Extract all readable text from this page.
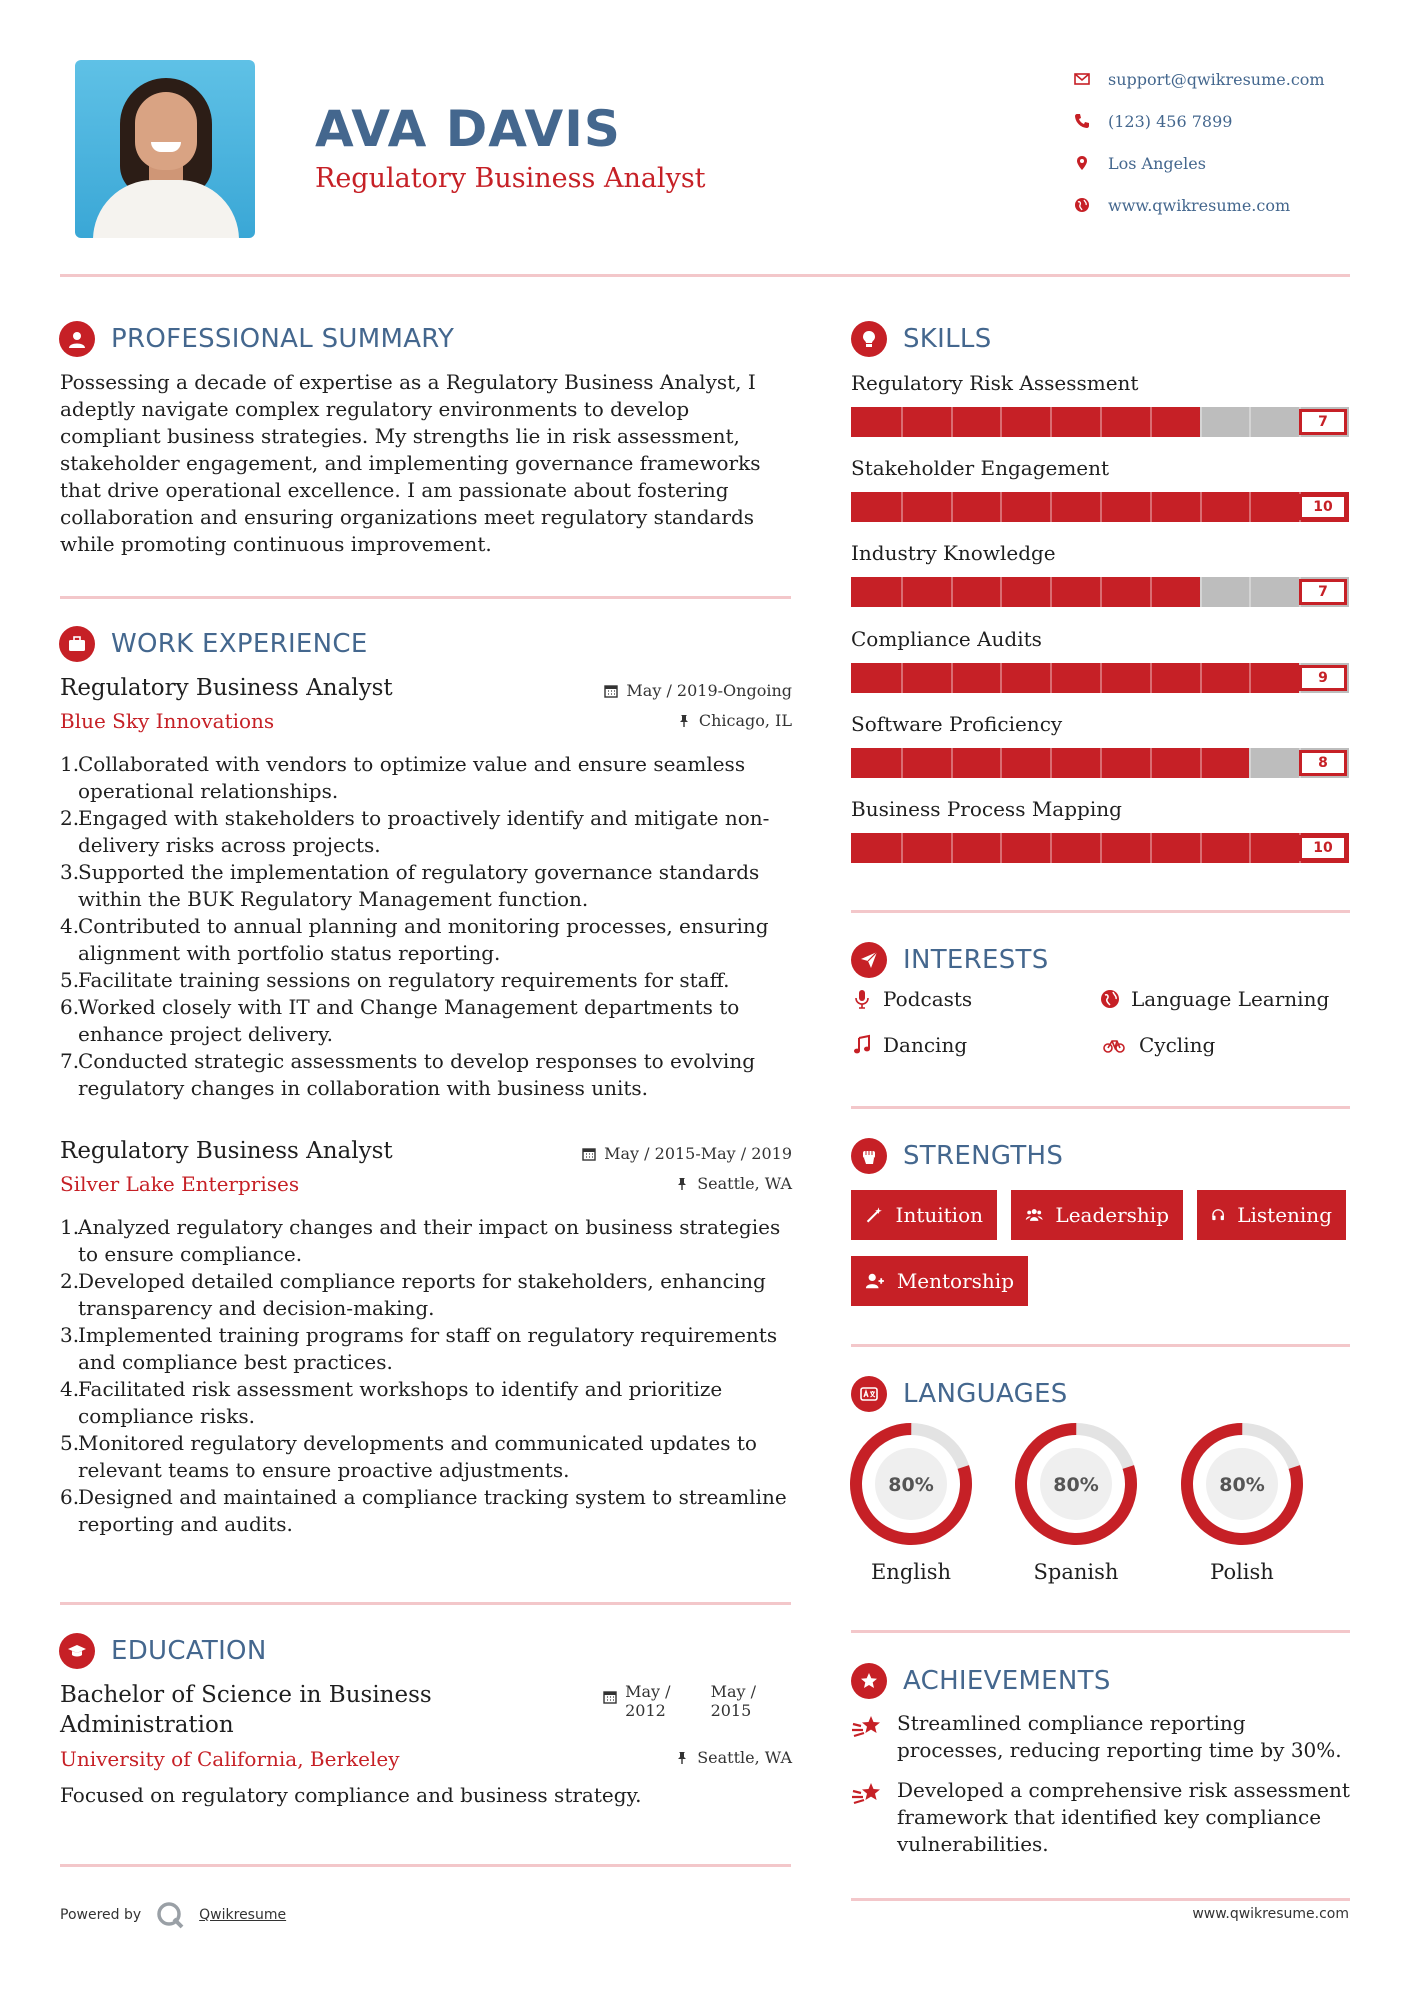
AVA DAVIS
Regulatory Business Analyst
support@qwikresume.com
(123) 456 7899
Los Angeles
www.qwikresume.com
PROFESSIONAL SUMMARY
Possessing a decade of expertise as a Regulatory Business Analyst, I adeptly navigate complex regulatory environments to develop compliant business strategies. My strengths lie in risk assessment, stakeholder engagement, and implementing governance frameworks that drive operational excellence. I am passionate about fostering collaboration and ensuring organizations meet regulatory standards while promoting continuous improvement.
WORK EXPERIENCE
Regulatory Business Analyst	May / 2019-Ongoing
Blue Sky Innovations	Chicago, IL
1.
Collaborated with vendors to optimize value and ensure seamless operational relationships.
2.
Engaged with stakeholders to proactively identify and mitigate non-delivery risks across projects.
3.
Supported the implementation of regulatory governance standards within the BUK Regulatory Management function.
4.
Contributed to annual planning and monitoring processes, ensuring alignment with portfolio status reporting.
5.
Facilitate training sessions on regulatory requirements for staff.
6.
Worked closely with IT and Change Management departments to enhance project delivery.
7.
Conducted strategic assessments to develop responses to evolving regulatory changes in collaboration with business units.
Regulatory Business Analyst	May / 2015-May / 2019
Silver Lake Enterprises	Seattle, WA
1.
Analyzed regulatory changes and their impact on business strategies to ensure compliance.
2.
Developed detailed compliance reports for stakeholders, enhancing transparency and decision-making.
3.
Implemented training programs for staff on regulatory requirements and compliance best practices.
4.
Facilitated risk assessment workshops to identify and prioritize compliance risks.
5.
Monitored regulatory developments and communicated updates to relevant teams to ensure proactive adjustments.
6.
Designed and maintained a compliance tracking system to streamline reporting and audits.
EDUCATION
Bachelor of Science in Business
Administration
May /
2012
May /
2015
University of California, Berkeley	Seattle, WA
Focused on regulatory compliance and business strategy.
SKILLS
Regulatory Risk Assessment
7
Stakeholder Engagement
10
Industry Knowledge
7
Compliance Audits
9
Software Proficiency
8
Business Process Mapping
10
INTERESTS
Podcasts	Language Learning
Dancing	Cycling
STRENGTHS
Intuition	Leadership	Listening
Mentorship
LANGUAGES
80%
English
80%
Spanish
80%
Polish
ACHIEVEMENTS
Streamlined compliance reporting processes, reducing reporting time by 30%.
Developed a comprehensive risk assessment framework that identified key compliance vulnerabilities.
Powered by	Qwikresume	www.qwikresume.com
